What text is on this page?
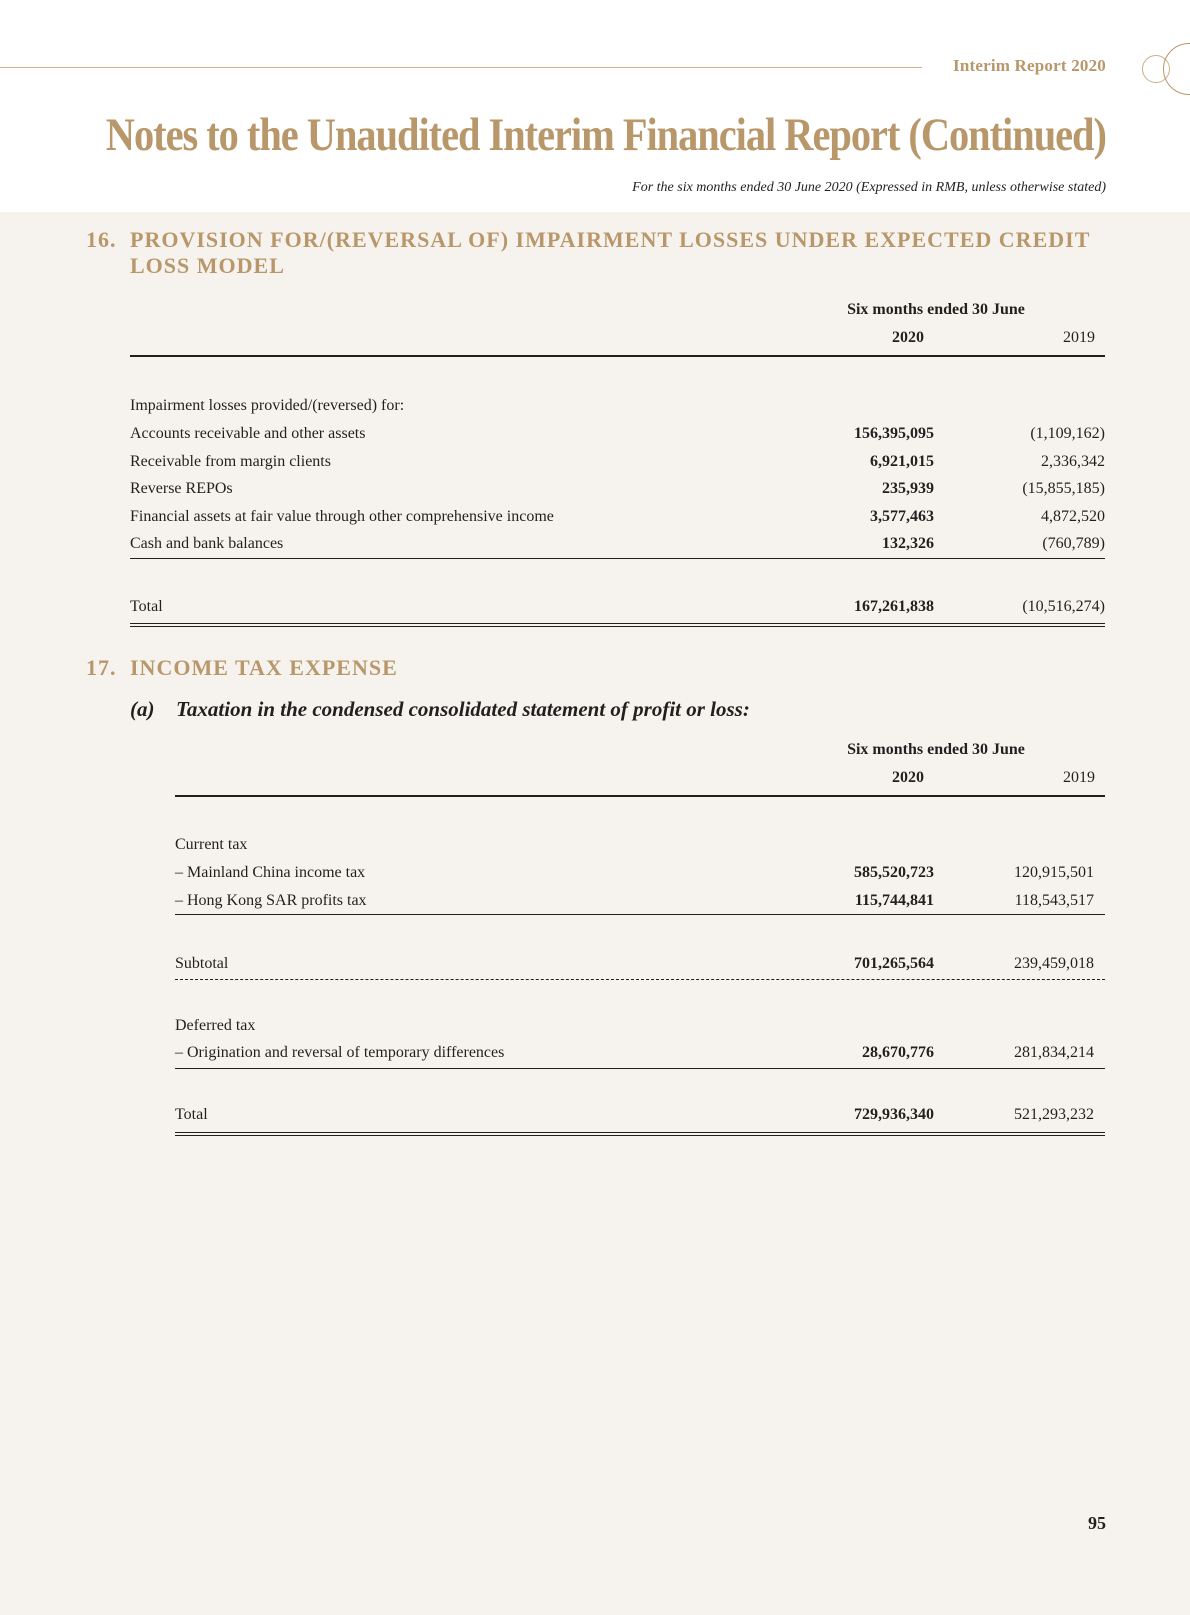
Interim Report 2020
Notes to the Unaudited Interim Financial Report (Continued)
For the six months ended 30 June 2020 (Expressed in RMB, unless otherwise stated)
16. PROVISION FOR/(REVERSAL OF) IMPAIRMENT LOSSES UNDER EXPECTED CREDIT
LOSS MODEL
Six months ended 30 June
2020	2019
Impairment losses provided/(reversed) for:
Accounts receivable and other assets	156,395,095	(1,109,162)
Receivable from margin clients	6,921,015	2,336,342
Reverse REPOs	235,939	(15,855,185)
Financial assets at fair value through other comprehensive income	3,577,463	4,872,520
Cash and bank balances	132,326	(760,789)
Total	167,261,838	(10,516,274)
17. INCOME TAX EXPENSE
(a) Taxation in the condensed consolidated statement of profit or loss:
Six months ended 30 June
2020	2019
Current tax
– Mainland China income tax	585,520,723	120,915,501
– Hong Kong SAR profits tax	115,744,841	118,543,517
Subtotal	701,265,564	239,459,018
Deferred tax
– Origination and reversal of temporary differences	28,670,776	281,834,214
Total	729,936,340	521,293,232
95
